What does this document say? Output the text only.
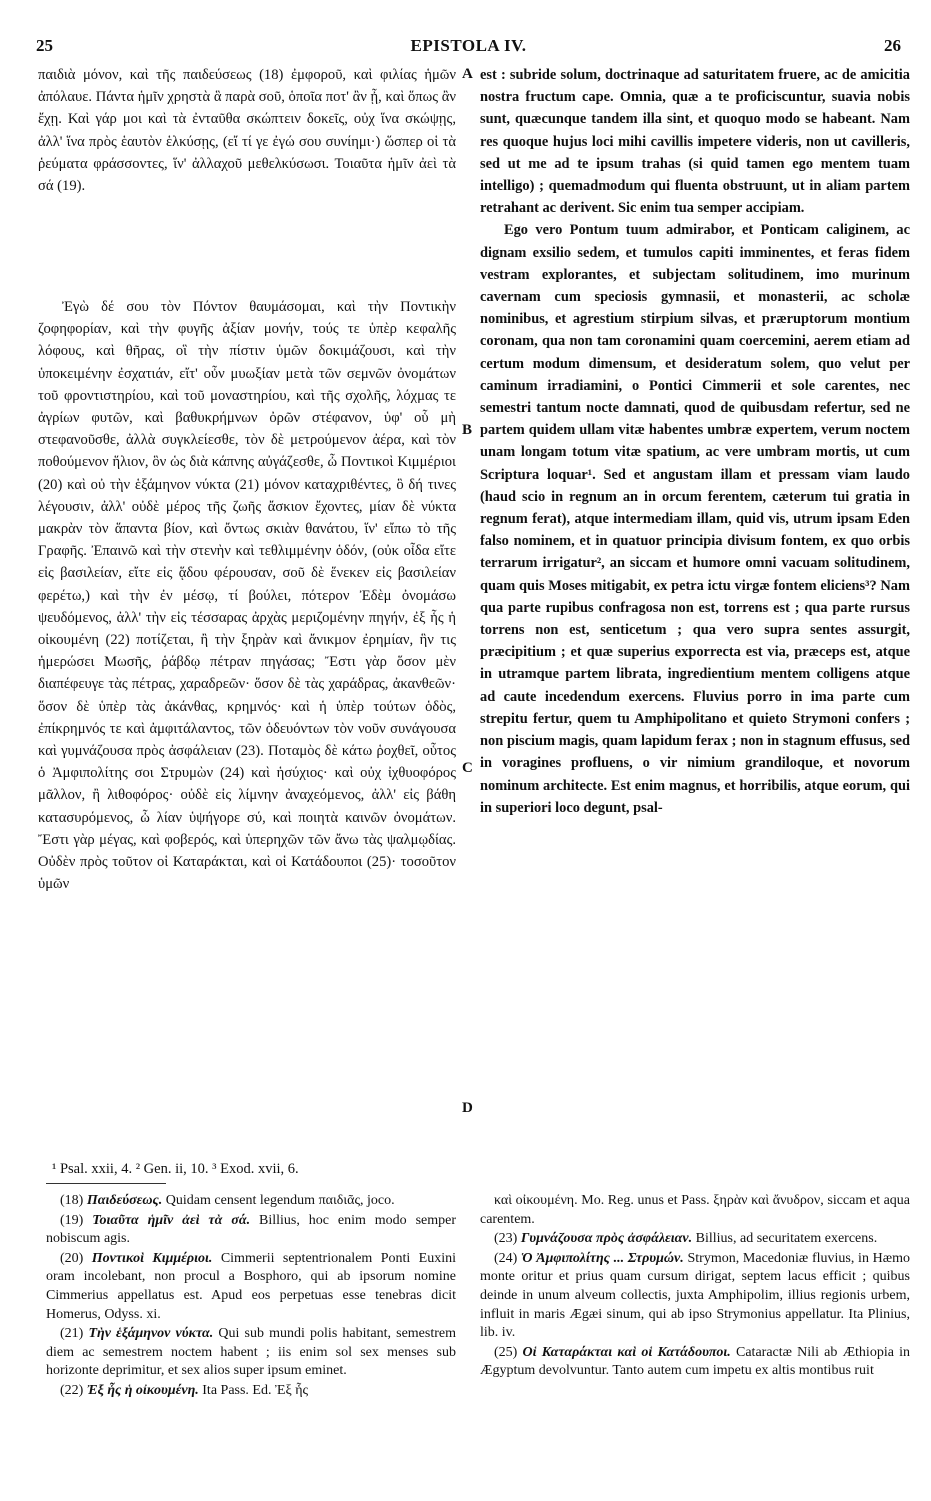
25	EPISTOLA IV.	26

παιδιὰ μόνον, καὶ τῆς παιδεύσεως (18) ἐμφοροῦ, καὶ φιλίας ἡμῶν ἀπόλαυε. Πάντα ἡμῖν χρηστὰ ἃ παρὰ σοῦ, ὁποῖα ποτ' ἂν ᾖ, καὶ ὅπως ἂν ἔχῃ. Καὶ γάρ μοι καὶ τὰ ἐνταῦθα σκώπτειν δοκεῖς, οὐχ ἵνα σκώψῃς, ἀλλ' ἵνα πρὸς ἑαυτὸν ἑλκύσῃς, (εἴ τί γε ἐγώ σου συνίημι·) ὥσπερ οἱ τὰ ῥεύματα φράσσοντες, ἵν' ἀλλαχοῦ μεθελκύσωσι. Τοιαῦτα ἡμῖν ἀεὶ τὰ σά (19).

Ἐγὼ δέ σου τὸν Πόντον θαυμάσομαι, καὶ τὴν Ποντικὴν ζοφηφορίαν, καὶ τὴν φυγῆς ἀξίαν μονήν, τούς τε ὑπὲρ κεφαλῆς λόφους, καὶ θῆρας, οἳ τὴν πίστιν ὑμῶν δοκιμάζουσι, καὶ τὴν ὑποκειμένην ἐσχατιάν, εἴτ' οὖν μυωξίαν μετὰ τῶν σεμνῶν ὀνομάτων τοῦ φροντιστηρίου, καὶ τοῦ μοναστηρίου, καὶ τῆς σχολῆς, λόχμας τε ἀγρίων φυτῶν, καὶ βαθυκρήμνων ὀρῶν στέφανον, ὑφ' οὗ μὴ στεφανοῦσθε, ἀλλὰ συγκλείεσθε, τὸν δὲ μετρούμενον ἀέρα, καὶ τὸν ποθούμενον ἥλιον, ὃν ὡς διὰ κάπνης αὐγάζεσθε, ὦ Ποντικοὶ Κιμμέριοι (20) καὶ οὐ τὴν ἑξάμηνον νύκτα (21) μόνον καταχριθέντες, ὃ δή τινες λέγουσιν, ἀλλ' οὐδὲ μέρος τῆς ζωῆς ἄσκιον ἔχοντες, μίαν δὲ νύκτα μακρὰν τὸν ἅπαντα βίον, καὶ ὄντως σκιὰν θανάτου, ἵν' εἴπω τὸ τῆς Γραφῆς. Ἐπαινῶ καὶ τὴν στενὴν καὶ τεθλιμμένην ὁδόν, (οὐκ οἶδα εἴτε εἰς βασιλείαν, εἴτε εἰς ᾅδου φέρουσαν, σοῦ δὲ ἕνεκεν εἰς βασιλείαν φερέτω,) καὶ τὴν ἐν μέσῳ, τί βούλει, πότερον Ἐδὲμ ὀνομάσω ψευδόμενος, ἀλλ' τὴν εἰς τέσσαρας ἀρχὰς μεριζομένην πηγήν, ἐξ ἧς ἡ οἰκουμένη (22) ποτίζεται, ἢ τὴν ξηρὰν καὶ ἄνικμον ἐρημίαν, ἣν τις ἡμερώσει Μωσῆς, ῥάβδῳ πέτραν πηγάσας; Ἔστι γὰρ ὅσον μὲν διαπέφευγε τὰς πέτρας, χαραδρεῶν· ὅσον δὲ τὰς χαράδρας, ἀκανθεῶν· ὅσον δὲ ὑπὲρ τὰς ἀκάνθας, κρημνός· καὶ ἡ ὑπὲρ τούτων ὁδὸς, ἐπίκρημνός τε καὶ ἀμφιτάλαντος, τῶν ὁδευόντων τὸν νοῦν συνάγουσα καὶ γυμνάζουσα πρὸς ἀσφάλειαν (23). Ποταμὸς δὲ κάτω ῥοχθεῖ, οὗτος ὁ Ἀμφιπολίτης σοι Στρυμὼν (24) καὶ ἡσύχιος· καὶ οὐχ ἰχθυοφόρος μᾶλλον, ἢ λιθοφόρος· οὐδὲ εἰς λίμνην ἀναχεόμενος, ἀλλ' εἰς βάθη κατασυρόμενος, ὦ λίαν ὑψήγορε σύ, καὶ ποιητὰ καινῶν ὀνομάτων. Ἔστι γὰρ μέγας, καὶ φοβερός, καὶ ὑπερηχῶν τῶν ἄνω τὰς ψαλμῳδίας. Οὐδὲν πρὸς τοῦτον οἱ Καταράκται, καὶ οἱ Κατάδουποι (25)· τοσοῦτον ὑμῶν

est : subride solum, doctrinaque ad saturitatem fruere, ac de amicitia nostra fructum cape. Omnia, quæ a te proficiscuntur, suavia nobis sunt, quæcunque tandem illa sint, et quoquo modo se habeant. Nam res quoque hujus loci mihi cavillis impetere videris, non ut cavilleris, sed ut me ad te ipsum trahas (si quid tamen ego mentem tuam intelligo) ; quemadmodum qui fluenta obstruunt, ut in aliam partem retrahant ac derivent. Sic enim tua semper accipiam.

Ego vero Pontum tuum admirabor, et Ponticam caliginem, ac dignam exsilio sedem, et tumulos capiti imminentes, et feras fidem vestram explorantes, et subjectam solitudinem, imo murinum cavernam cum speciosis gymnasii, et monasterii, ac scholæ nominibus, et agrestium stirpium silvas, et præruptorum montium coronam, qua non tam coronamini quam coercemini, aerem etiam ad certum modum dimensum, et desideratum solem, quo velut per caminum irradiamini, o Pontici Cimmerii et sole carentes, nec semestri tantum nocte damnati, quod de quibusdam refertur, sed ne partem quidem ullam vitæ habentes umbræ expertem, verum noctem unam longam totum vitæ spatium, ac vere umbram mortis, ut cum Scriptura loquar¹. Sed et angustam illam et pressam viam laudo (haud scio in regnum an in orcum ferentem, cæterum tui gratia in regnum ferat), atque intermediam illam, quid vis, utrum ipsam Eden falso nominem, et in quatuor principia divisum fontem, ex quo orbis terrarum irrigatur², an siccam et humore omni vacuam solitudinem, quam quis Moses mitigabit, ex petra ictu virgæ fontem eliciens³? Nam qua parte rupibus confragosa non est, torrens est ; qua parte rursus torrens non est, senticetum ; qua vero supra sentes assurgit, præcipitium ; et quæ superius exporrecta est via, præceps est, atque in utramque partem librata, ingredientium mentem colligens atque ad caute incedendum exercens. Fluvius porro in ima parte cum strepitu fertur, quem tu Amphipolitano et quieto Strymoni confers ; non piscium magis, quam lapidum ferax ; non in stagnum effusus, sed in voragines profluens, o vir nimium grandiloque, et novorum nominum architecte. Est enim magnus, et horribilis, atque eorum, qui in superiori loco degunt, psal-

A
B
C
D
¹ Psal. xxii, 4. ² Gen. ii, 10. ³ Exod. xvii, 6.

(18) Παιδεύσεως. Quidam censent legendum παιδιᾶς, joco.

(19) Τοιαῦτα ἡμῖν ἀεὶ τὰ σά. Billius, hoc enim modo semper nobiscum agis.

(20) Ποντικοὶ Κιμμέριοι. Cimmerii septentrionalem Ponti Euxini oram incolebant, non procul a Bosphoro, qui ab ipsorum nomine Cimmerius appellatus est. Apud eos perpetuas esse tenebras dicit Homerus, Odyss. xi.

(21) Τὴν ἑξάμηνον νύκτα. Qui sub mundi polis habitant, semestrem diem ac semestrem noctem habent ; iis enim sol sex menses sub horizonte deprimitur, et sex alios super ipsum eminet.

(22) Ἐξ ἧς ἡ οἰκουμένη. Ita Pass. Ed. Ἐξ ἧς

καὶ οἰκουμένη. Mo. Reg. unus et Pass. ξηρὰν καὶ ἄνυδρον, siccam et aqua carentem.

(23) Γυμνάζουσα πρὸς ἀσφάλειαν. Billius, ad securitatem exercens.

(24) Ὁ Ἀμφιπολίτης ... Στρυμών. Strymon, Macedoniæ fluvius, in Hæmo monte oritur et prius quam cursum dirigat, septem lacus efficit ; quibus deinde in unum alveum collectis, juxta Amphipolim, illius regionis urbem, influit in maris Ægæi sinum, qui ab ipso Strymonius appellatur. Ita Plinius, lib. iv.

(25) Οἱ Καταράκται καὶ οἱ Κατάδουποι. Cataractæ Nili ab Æthiopia in Ægyptum devolvuntur. Tanto autem cum impetu ex altis montibus ruit
